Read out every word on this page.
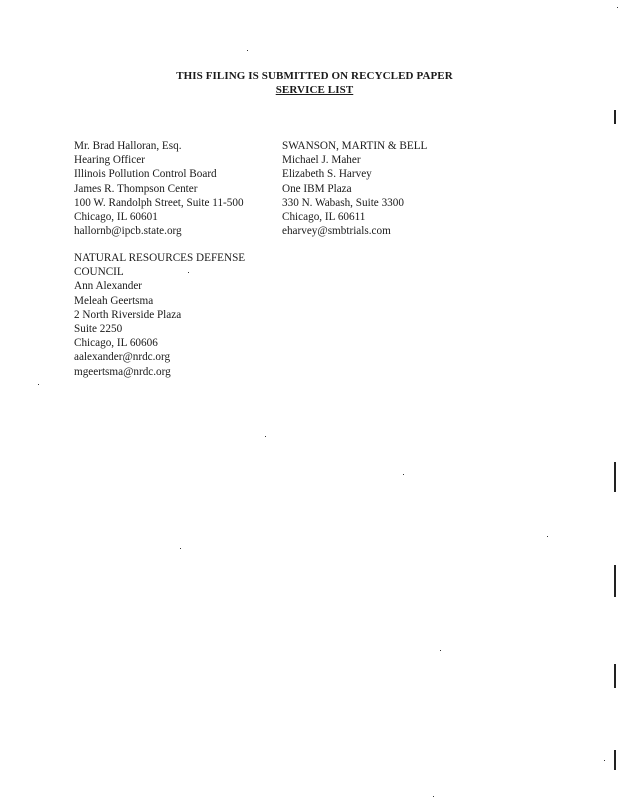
THIS FILING IS SUBMITTED ON RECYCLED PAPER
SERVICE LIST
Mr. Brad Halloran, Esq.
Hearing Officer
Illinois Pollution Control Board
James R. Thompson Center
100 W. Randolph Street, Suite 11-500
Chicago, IL 60601
hallornb@ipcb.state.org
SWANSON, MARTIN & BELL
Michael J. Maher
Elizabeth S. Harvey
One IBM Plaza
330 N. Wabash, Suite 3300
Chicago, IL 60611
eharvey@smbtrials.com
NATURAL RESOURCES DEFENSE COUNCIL
Ann Alexander
Meleah Geertsma
2 North Riverside Plaza
Suite 2250
Chicago, IL 60606
aalexander@nrdc.org
mgeertsma@nrdc.org
